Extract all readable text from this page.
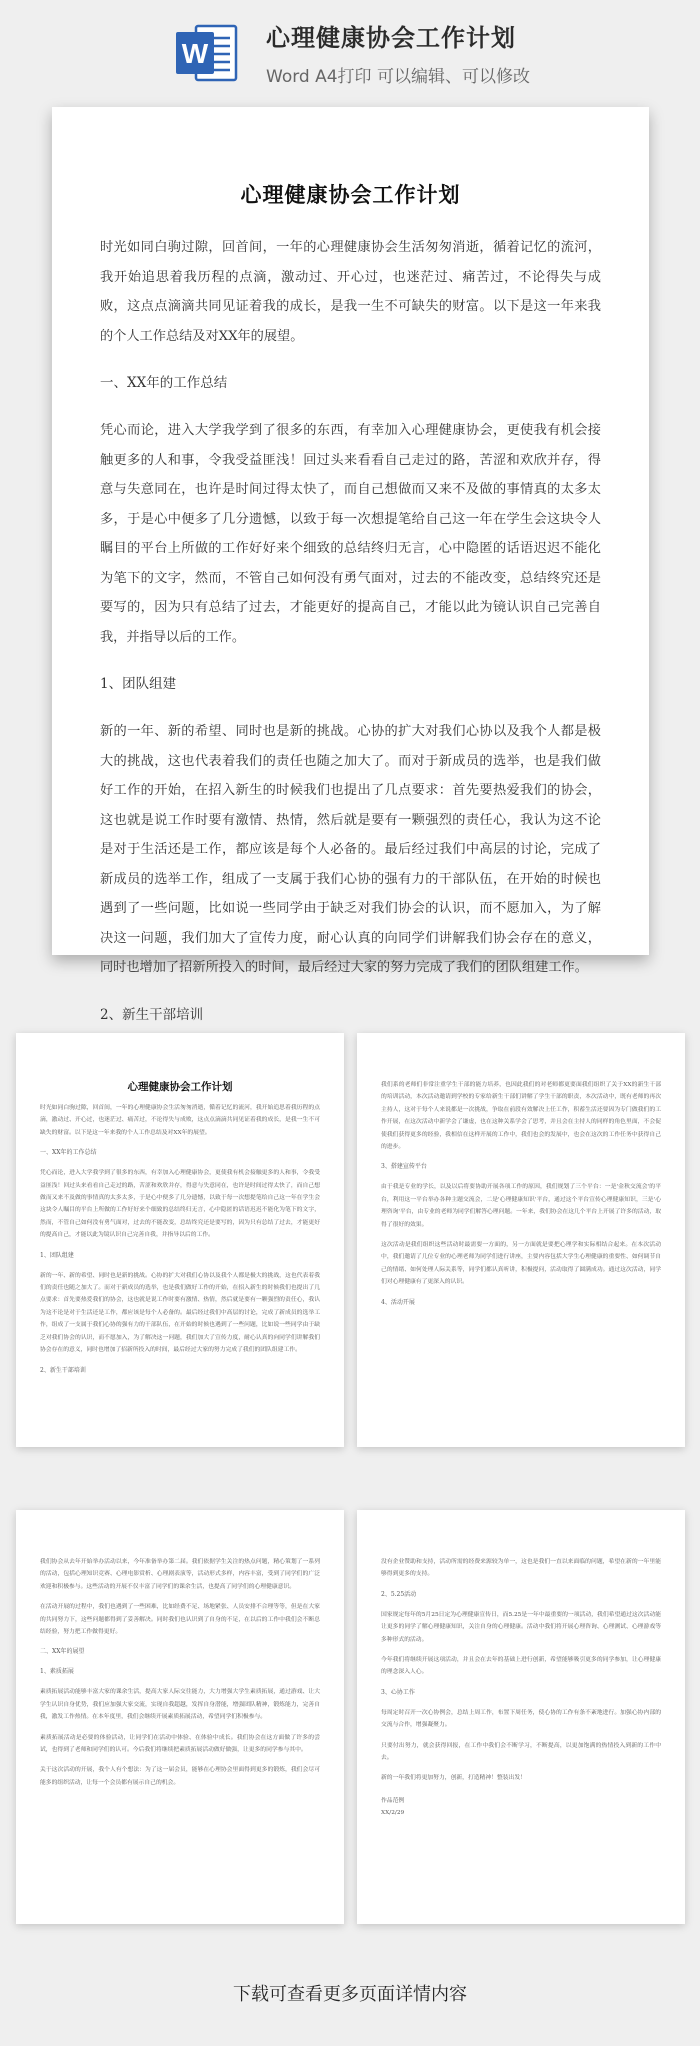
W 心理健康协会工作计划
Word A4打印 可以编辑、可以修改
心理健康协会工作计划

时光如同白驹过隙，回首间，一年的心理健康协会生活匆匆消逝，循着记忆的流河，我开始追思着我历程的点滴，激动过、开心过，也迷茫过、痛苦过，不论得失与成败，这点点滴滴共同见证着我的成长，是我一生不可缺失的财富。以下是这一年来我的个人工作总结及对XX年的展望。

一、XX年的工作总结

凭心而论，进入大学我学到了很多的东西，有幸加入心理健康协会，更使我有机会接触更多的人和事，令我受益匪浅！回过头来看看自己走过的路，苦涩和欢欣并存，得意与失意同在，也许是时间过得太快了，而自己想做而又来不及做的事情真的太多太多，于是心中便多了几分遗憾，以致于每一次想提笔给自己这一年在学生会这块令人瞩目的平台上所做的工作好好来个细致的总结终归无言，心中隐匿的话语迟迟不能化为笔下的文字，然而，不管自己如何没有勇气面对，过去的不能改变，总结终究还是要写的，因为只有总结了过去，才能更好的提高自己，才能以此为镜认识自己完善自我，并指导以后的工作。

1、团队组建

新的一年、新的希望、同时也是新的挑战。心协的扩大对我们心协以及我个人都是极大的挑战，这也代表着我们的责任也随之加大了。而对于新成员的选举，也是我们做好工作的开始，在招入新生的时候我们也提出了几点要求：首先要热爱我们的协会，这也就是说工作时要有激情、热情，然后就是要有一颗强烈的责任心，我认为这不论是对于生活还是工作，都应该是每个人必备的。最后经过我们中高层的讨论，完成了新成员的选举工作，组成了一支属于我们心协的强有力的干部队伍，在开始的时候也遇到了一些问题，比如说一些同学由于缺乏对我们协会的认识，而不愿加入，为了解决这一问题，我们加大了宣传力度，耐心认真的向同学们讲解我们协会存在的意义，同时也增加了招新所投入的时间，最后经过大家的努力完成了我们的团队组建工作。

2、新生干部培训
心理健康协会工作计划

时光如同白驹过隙，回首间，一年的心理健康协会生活匆匆消逝，循着记忆的流河，我开始追思着我历程的点滴，激动过、开心过，也迷茫过、痛苦过，不论得失与成败，这点点滴滴共同见证着我的成长，是我一生不可缺失的财富。以下是这一年来我的个人工作总结及对XX年的展望。

一、XX年的工作总结

凭心而论，进入大学我学到了很多的东西，有幸加入心理健康协会，更使我有机会接触更多的人和事，令我受益匪浅！回过头来看看自己走过的路，苦涩和欢欣并存，得意与失意同在，也许是时间过得太快了，而自己想做而又来不及做的事情真的太多太多，于是心中便多了几分遗憾，以致于每一次想提笔给自己这一年在学生会这块令人瞩目的平台上所做的工作好好来个细致的总结终归无言，心中隐匿的话语迟迟不能化为笔下的文字，然而，不管自己如何没有勇气面对，过去的不能改变，总结终究还是要写的，因为只有总结了过去，才能更好的提高自己，才能以此为镜认识自己完善自我，并指导以后的工作。

1、团队组建

新的一年、新的希望、同时也是新的挑战。心协的扩大对我们心协以及我个人都是极大的挑战，这也代表着我们的责任也随之加大了。而对于新成员的选举，也是我们做好工作的开始，在招入新生的时候我们也提出了几点要求：首先要热爱我们的协会，这也就是说工作时要有激情、热情，然后就是要有一颗强烈的责任心，我认为这不论是对于生活还是工作，都应该是每个人必备的。最后经过我们中高层的讨论，完成了新成员的选举工作，组成了一支属于我们心协的强有力的干部队伍，在开始的时候也遇到了一些问题，比如说一些同学由于缺乏对我们协会的认识，而不愿加入，为了解决这一问题，我们加大了宣传力度，耐心认真的向同学们讲解我们协会存在的意义，同时也增加了招新所投入的时间，最后经过大家的努力完成了我们的团队组建工作。

2、新生干部培训

我们系的老师们非常注重学生干部的能力培养，也因此我们的对老师都更要面我们组织了关于XX的新生干部的培训活动，本次活动邀请到学校的专家给新生干部们讲解了学生干部的职责，本次活动中，既有老师的再次主持人，这对于每个人来说都是一次挑战，争取在前段有效解决上任工作，积蓄生活还要因为专门做我们的工作开展，在这次活动中新学会了谦虚，也在这种关系学会了思考，并且会在主持人的同样的角色里面，不会促使我们获得更多的经验，我相信在这样开展的工作中，我们也会的发展中，也会在这次的工作任务中获得自己的进步。

3、搭建宣传平台

由于我是专业的学长，以及以后将要协助开展各项工作的原因，我们规划了三个平台：一是'金秋交流会'的平台，利用这一平台举办各种主题交流会，二是'心理健康知识'平台，通过这个平台宣传心理健康知识，三是'心理咨询'平台，由专业的老师为同学们解答心理问题。一年来，我们协会在这几个平台上开展了许多的活动，取得了很好的效果。

这次活动是我们组织这些活动时最需要一方面的，另一方面就是要把心理学和实际相结合起来。在本次活动中，我们邀请了几位专业的心理老师为同学们进行讲座，主要内容包括大学生心理健康的重要性、如何调节自己的情绪、如何处理人际关系等，同学们都认真听讲，积极提问，活动取得了圆满成功。通过这次活动，同学们对心理健康有了更深入的认识。

4、活动开展

我们协会从去年开始举办活动以来，今年准备举办第二届。我们依据学生关注的热点问题，精心策划了一系列的活动，包括心理知识竞赛、心理电影赏析、心理剧表演等，活动形式多样，内容丰富，受到了同学们的广泛欢迎和积极参与。这些活动的开展不仅丰富了同学们的课余生活，也提高了同学们的心理健康意识。

在活动开展的过程中，我们也遇到了一些困难，比如经费不足、场地紧张、人员安排不合理等等，但是在大家的共同努力下，这些问题都得到了妥善解决。同时我们也认识到了自身的不足，在以后的工作中我们会不断总结经验，努力把工作做得更好。

二、XX年的展望
1、素质拓展

素质拓展活动能够丰富大家的课余生活，提高大家人际交往能力，大力增强大学生素质拓展，通过游戏、让大学生认识自身优势，我们应加强大家交流，实现自我超越，发挥自身潜能，增强团队精神，锻炼能力，完善自我，激发工作热情。在本年度里，我们会继续开展素质拓展活动，希望同学们积极参与。

素质拓展活动是必要的体验活动，让同学们在活动中体验、在体验中成长。我们协会在这方面做了许多的尝试，也得到了老师和同学们的认可。今后我们将继续把素质拓展活动做好做强，让更多的同学参与其中。

关于这次活动的开展，我个人有个想法：为了这一届会员，能够在心理协会里面得到更多的锻炼，我们会尽可能多的组织活动，让每一个会员都有展示自己的机会。

没有企业赞助和支持，活动所需的经费来源较为单一，这也是我们一直以来面临的问题，希望在新的一年里能够得到更多的支持。

2、5.25活动

国家规定每年的5月25日定为心理健康宣传日，而5.25是一年中最重要的一项活动，我们希望通过这次活动能让更多的同学了解心理健康知识，关注自身的心理健康。活动中我们将开展心理咨询、心理测试、心理游戏等多种形式的活动。

今年我们将继续开展这项活动，并且会在去年的基础上进行创新，希望能够吸引更多的同学参加，让心理健康的理念深入人心。

3、心协工作

每周定时召开一次心协例会，总结上周工作，布置下周任务，使心协的工作有条不紊地进行。加强心协内部的交流与合作，增强凝聚力。

只要付出努力，就会获得回报，在工作中我们会不断学习，不断提高，以更加饱满的热情投入到新的工作中去。

新的一年我们将更加努力，创新，打造精神！整装出发！

作品范例

XX/2/29

下载可查看更多页面详情内容
